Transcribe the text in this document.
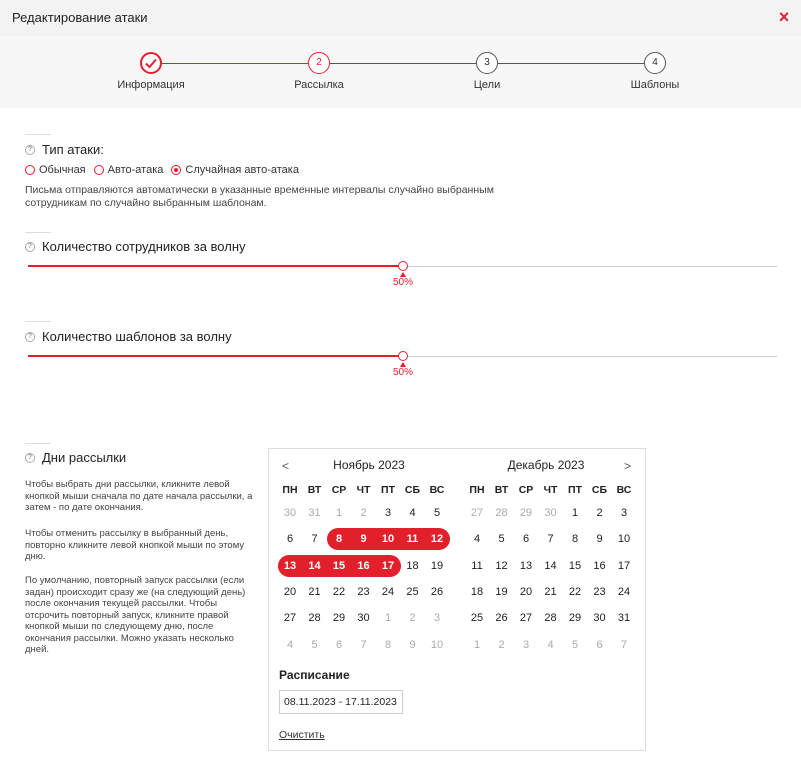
Редактирование атаки	×
Информация
2
Рассылка
3
Цели
4
Шаблоны
? Тип атаки:
Обычная Авто-атака Случайная авто-атака
Письма отправляются автоматически в указанные временные интервалы случайно выбранным сотрудникам по случайно выбранным шаблонам.
? Количество сотрудников за волну
50%
? Количество шаблонов за волну
50%
? Дни рассылки
Чтобы выбрать дни рассылки, кликните левой кнопкой мыши сначала по дате начала рассылки, а затем - по дате окончания.
Чтобы отменить рассылку в выбранный день, повторно кликните левой кнопкой мыши по этому дню.
По умолчанию, повторный запуск рассылки (если задан) происходит сразу же (на следующий день) после окончания текущей рассылки. Чтобы отсрочить повторный запуск, кликните правой кнопкой мыши по следующему дню, после окончания рассылки. Можно указать несколько дней.
<	>
Ноябрь 2023	Декабрь 2023
ПН ВТ СР ЧТ	ПТ СБ ВС
30	31	1	2	3	4	5
6	7	8	9	10	11	12
13	14	15	16	17	18	19
20	21	22	23	24	25	26
27	28	29	30	1	2	3
4	5	6	7	8	9	10
ПН ВТ СР ЧТ	ПТ СБ ВС
27	28	29	30	1	2	3
4	5	6	7	8	9	10
11	12	13	14	15	16	17
18	19	20	21	22	23	24
25	26	27	28	29	30	31
1	2	3	4	5	6	7
Расписание
08.11.2023 - 17.11.2023
Очистить
